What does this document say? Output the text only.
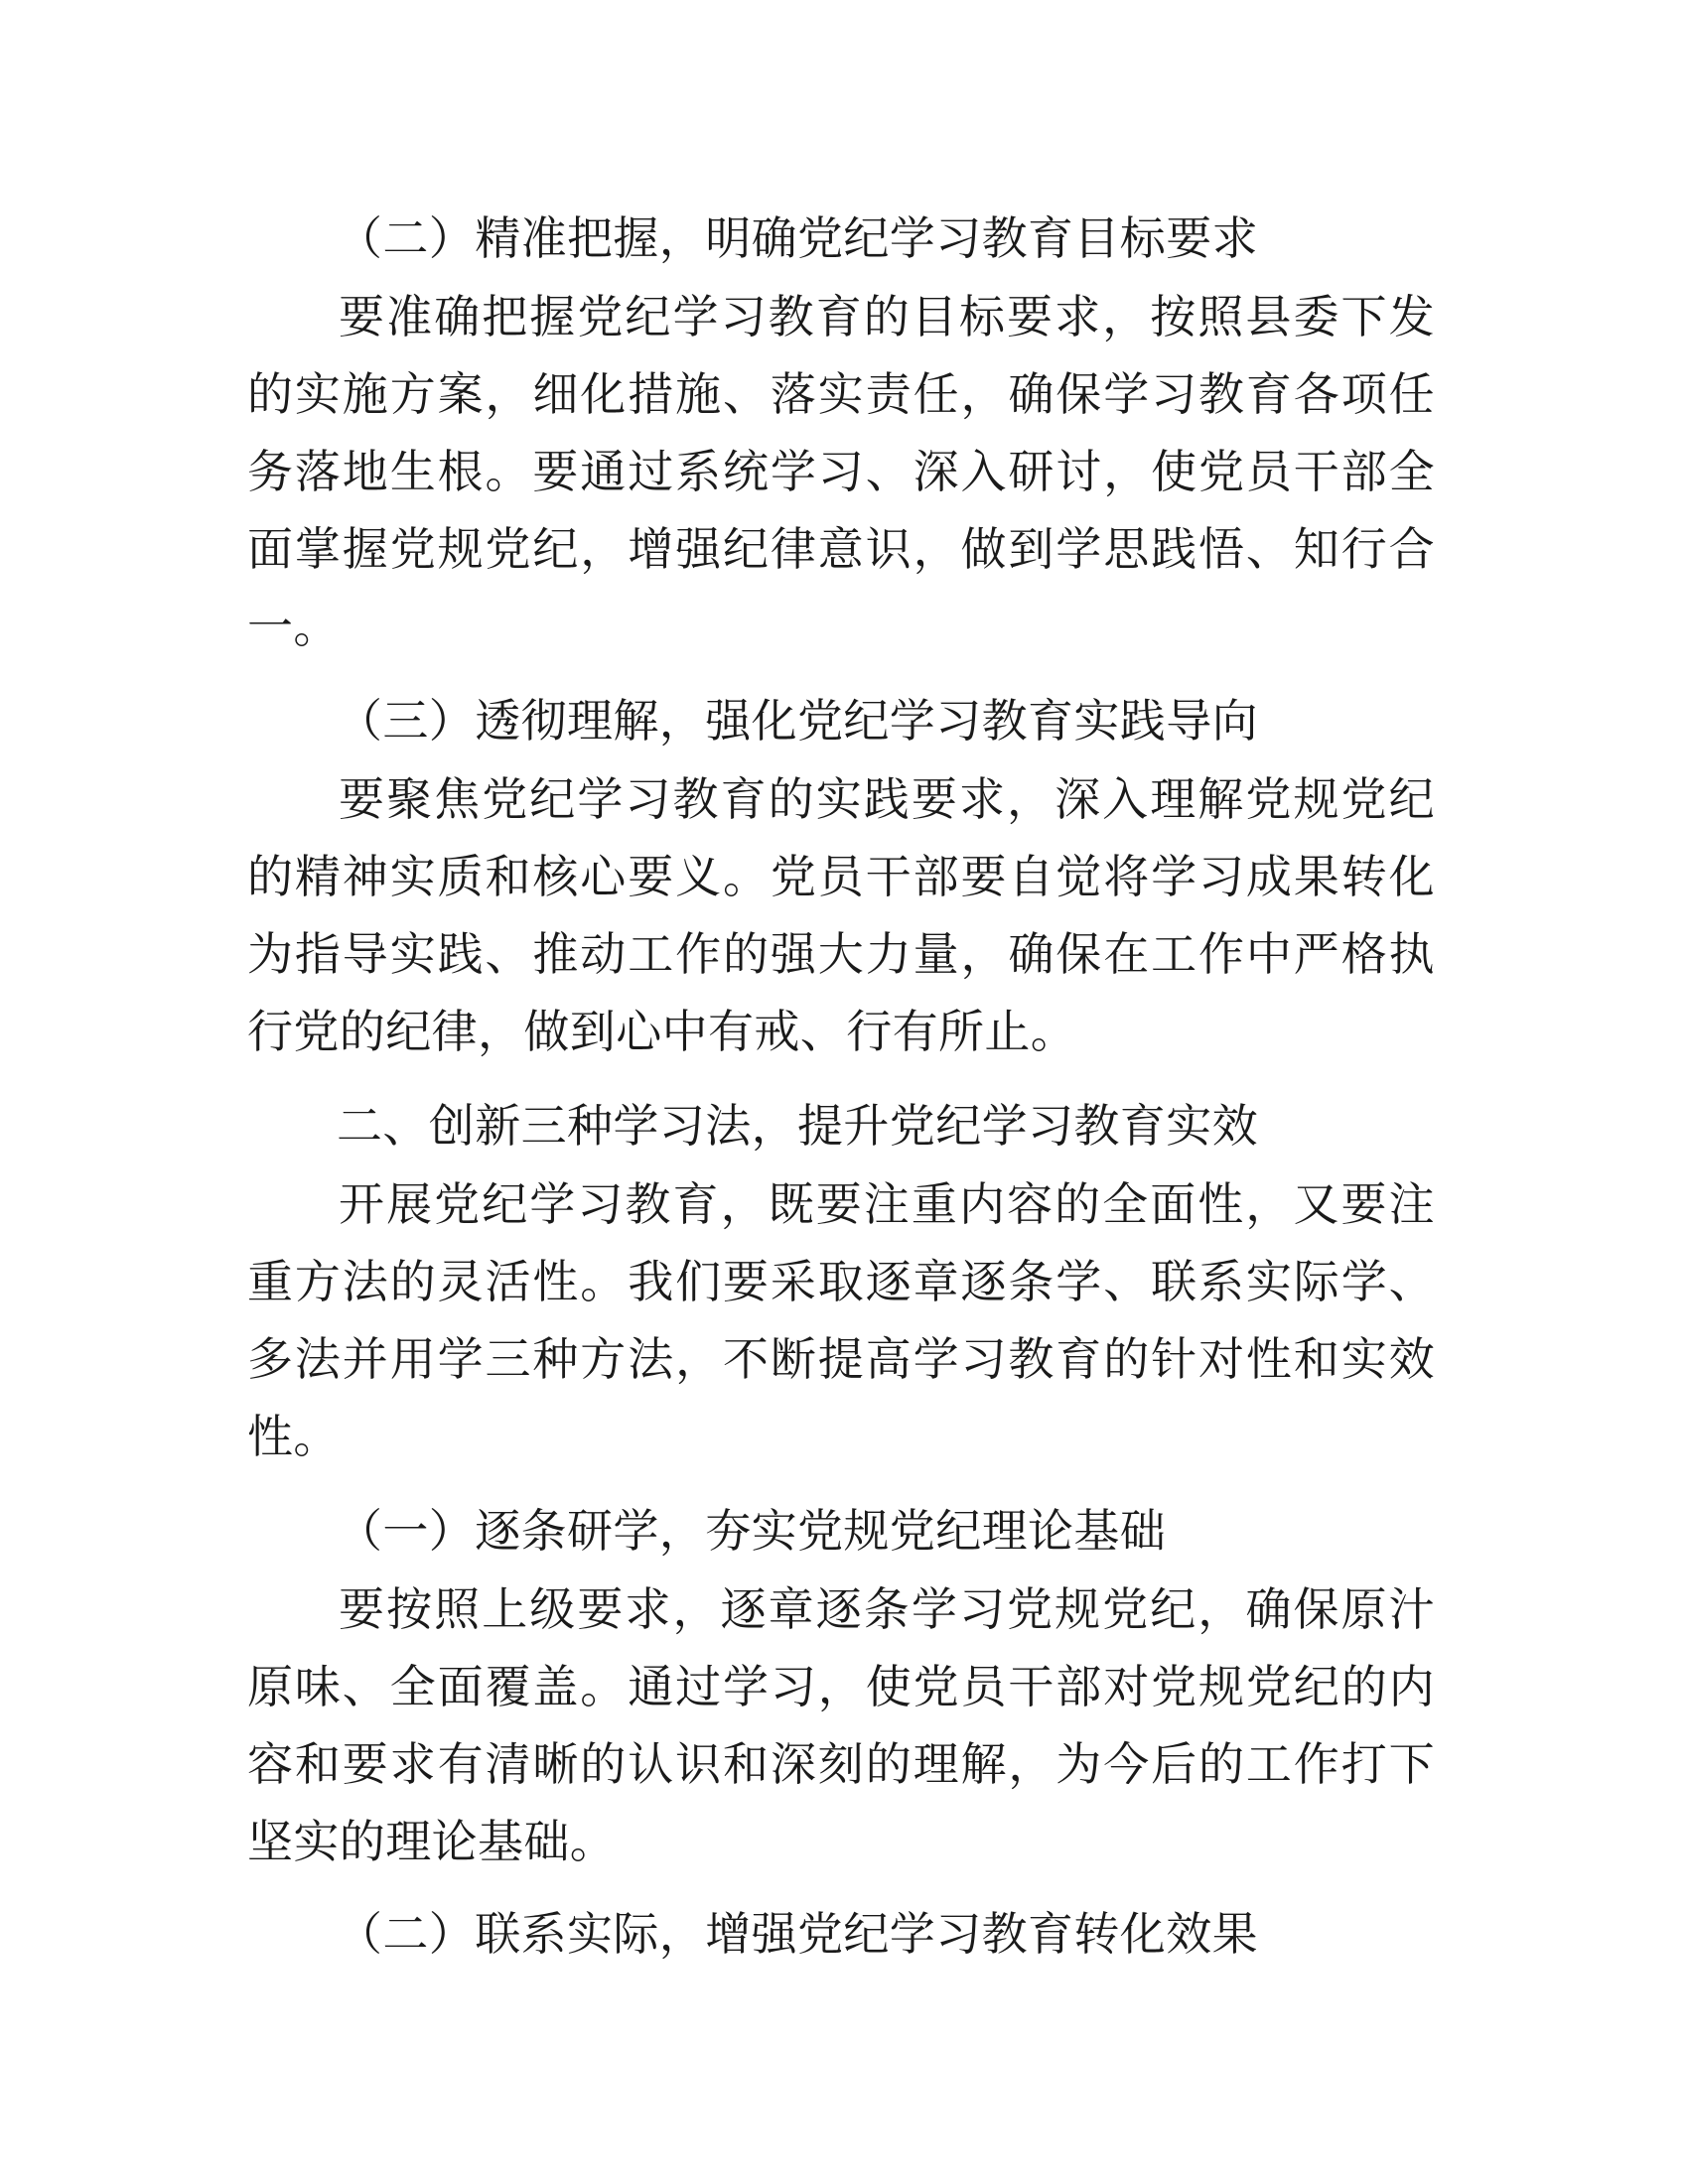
（二）精准把握，明确党纪学习教育目标要求

要准确把握党纪学习教育的目标要求，按照县委下发的实施方案，细化措施、落实责任，确保学习教育各项任务落地生根。要通过系统学习、深入研讨，使党员干部全面掌握党规党纪，增强纪律意识，做到学思践悟、知行合一。

（三）透彻理解，强化党纪学习教育实践导向

要聚焦党纪学习教育的实践要求，深入理解党规党纪的精神实质和核心要义。党员干部要自觉将学习成果转化为指导实践、推动工作的强大力量，确保在工作中严格执行党的纪律，做到心中有戒、行有所止。

二、创新三种学习法，提升党纪学习教育实效

开展党纪学习教育，既要注重内容的全面性，又要注重方法的灵活性。我们要采取逐章逐条学、联系实际学、多法并用学三种方法，不断提高学习教育的针对性和实效性。

（一）逐条研学，夯实党规党纪理论基础

要按照上级要求，逐章逐条学习党规党纪，确保原汁原味、全面覆盖。通过学习，使党员干部对党规党纪的内容和要求有清晰的认识和深刻的理解，为今后的工作打下坚实的理论基础。

（二）联系实际，增强党纪学习教育转化效果
